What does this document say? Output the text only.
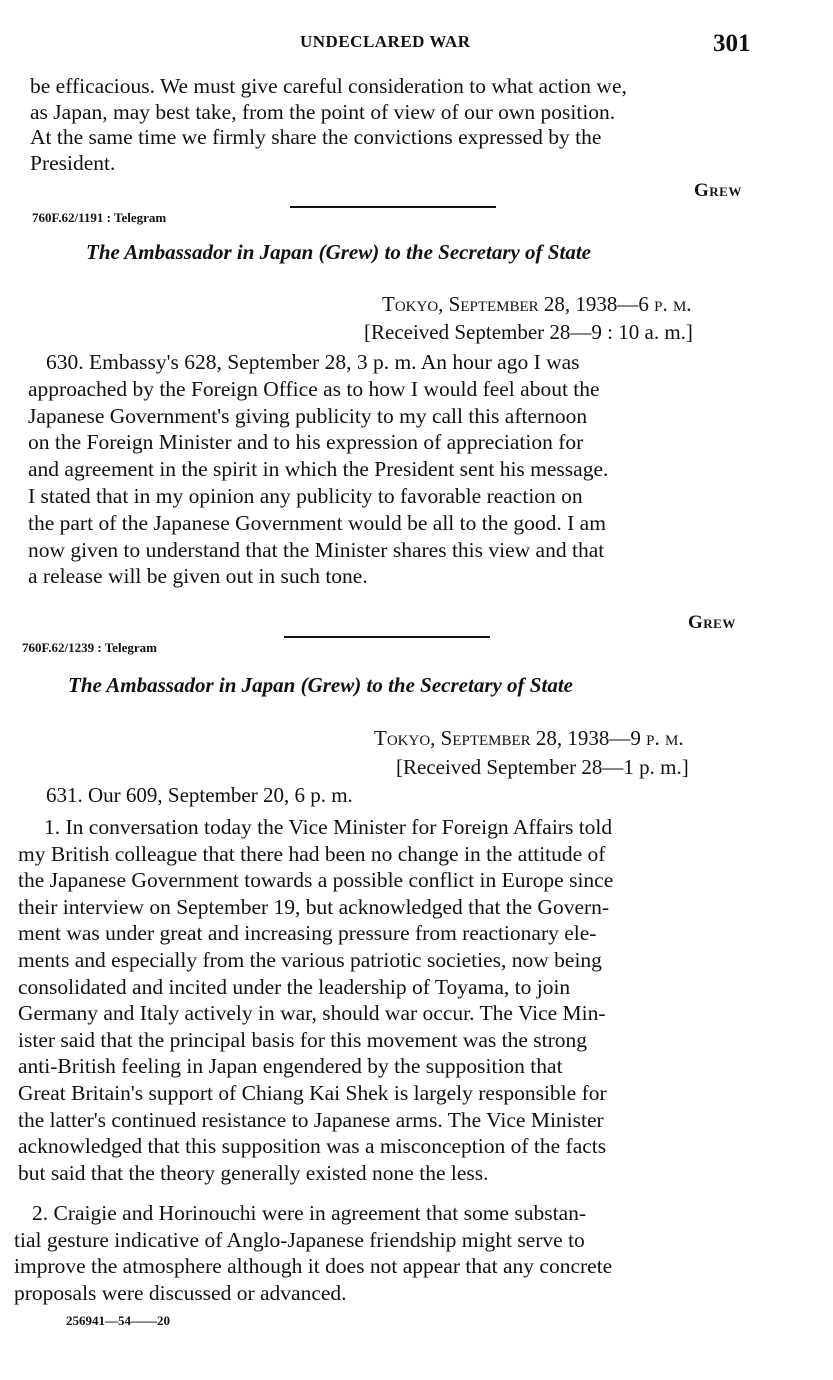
UNDECLARED WAR	301
be efficacious. We must give careful consideration to what action we,
as Japan, may best take, from the point of view of our own position.
At the same time we firmly share the convictions expressed by the
President.
Grew
760F.62/1191 : Telegram
The Ambassador in Japan (Grew) to the Secretary of State
Tokyo, September 28, 1938—6 p. m.
[Received September 28—9 : 10 a. m.]
630. Embassy's 628, September 28, 3 p. m. An hour ago I was
approached by the Foreign Office as to how I would feel about the
Japanese Government's giving publicity to my call this afternoon
on the Foreign Minister and to his expression of appreciation for
and agreement in the spirit in which the President sent his message.
I stated that in my opinion any publicity to favorable reaction on
the part of the Japanese Government would be all to the good. I am
now given to understand that the Minister shares this view and that
a release will be given out in such tone.
Grew
760F.62/1239 : Telegram
The Ambassador in Japan (Grew) to the Secretary of State
Tokyo, September 28, 1938—9 p. m.
[Received September 28—1 p. m.]
631. Our 609, September 20, 6 p. m.
1. In conversation today the Vice Minister for Foreign Affairs told
my British colleague that there had been no change in the attitude of
the Japanese Government towards a possible conflict in Europe since
their interview on September 19, but acknowledged that the Govern-
ment was under great and increasing pressure from reactionary ele-
ments and especially from the various patriotic societies, now being
consolidated and incited under the leadership of Toyama, to join
Germany and Italy actively in war, should war occur. The Vice Min-
ister said that the principal basis for this movement was the strong
anti-British feeling in Japan engendered by the supposition that
Great Britain's support of Chiang Kai Shek is largely responsible for
the latter's continued resistance to Japanese arms. The Vice Minister
acknowledged that this supposition was a misconception of the facts
but said that the theory generally existed none the less.
2. Craigie and Horinouchi were in agreement that some substan-
tial gesture indicative of Anglo-Japanese friendship might serve to
improve the atmosphere although it does not appear that any concrete
proposals were discussed or advanced.
256941—54——20
